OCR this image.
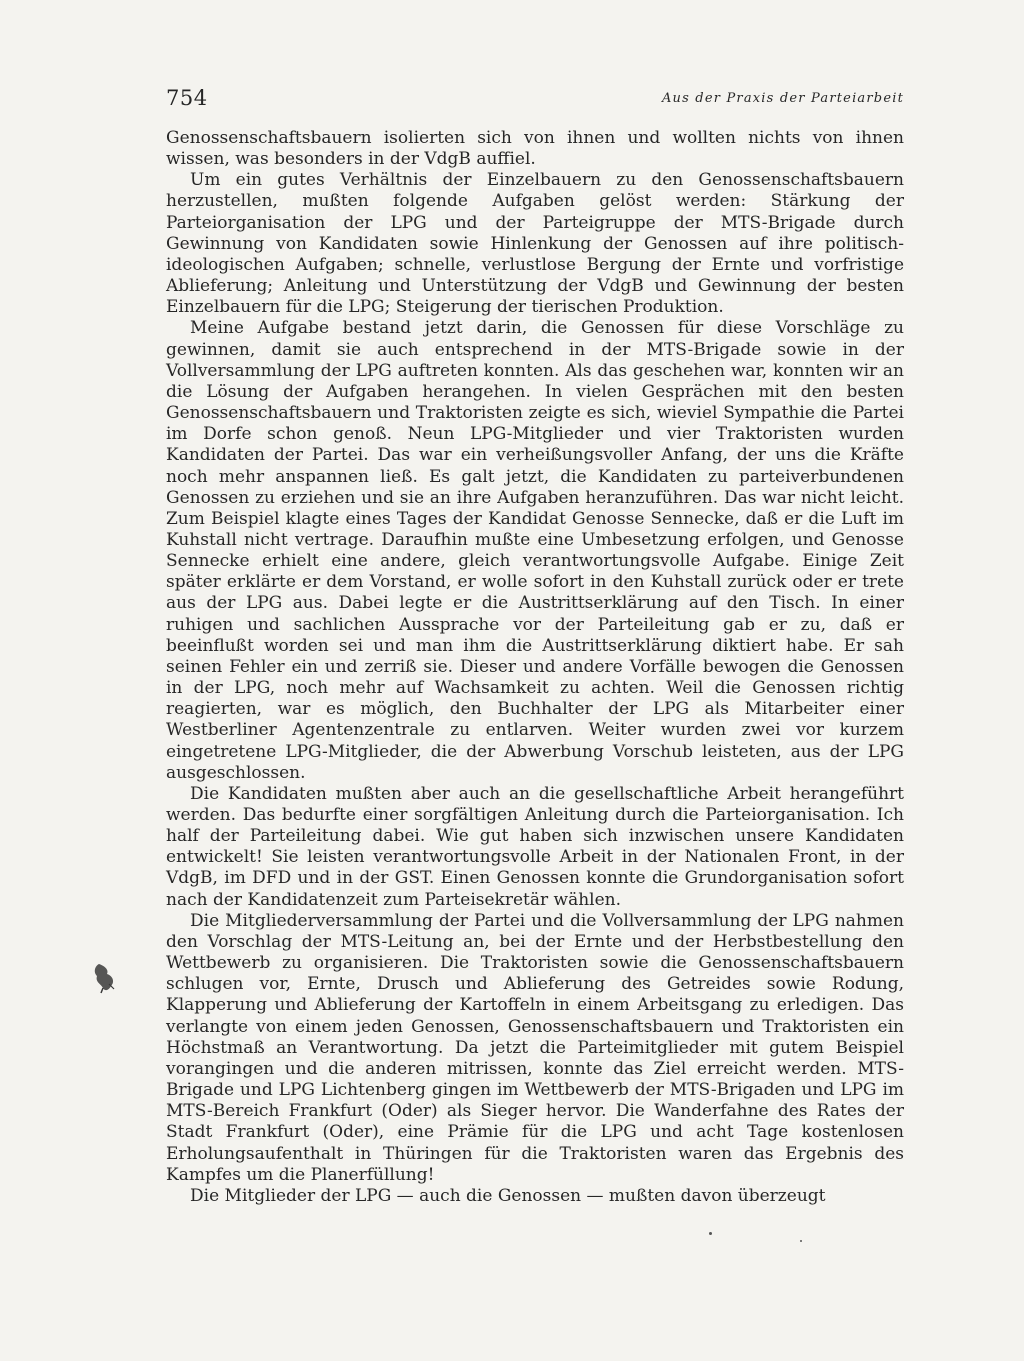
754	Aus der Praxis der Parteiarbeit

Genossenschaftsbauern isolierten sich von ihnen und wollten nichts von ihnen wissen, was besonders in der VdgB auffiel.

Um ein gutes Verhältnis der Einzelbauern zu den Genossenschaftsbauern herzustellen, mußten folgende Aufgaben gelöst werden: Stärkung der Parteiorganisation der LPG und der Parteigruppe der MTS-Brigade durch Gewinnung von Kandidaten sowie Hinlenkung der Genossen auf ihre politisch-ideologischen Aufgaben; schnelle, verlustlose Bergung der Ernte und vorfristige Ablieferung; Anleitung und Unterstützung der VdgB und Gewinnung der besten Einzelbauern für die LPG; Steigerung der tierischen Produktion.

Meine Aufgabe bestand jetzt darin, die Genossen für diese Vorschläge zu gewinnen, damit sie auch entsprechend in der MTS-Brigade sowie in der Vollversammlung der LPG auftreten konnten. Als das geschehen war, konnten wir an die Lösung der Aufgaben herangehen. In vielen Gesprächen mit den besten Genossenschaftsbauern und Traktoristen zeigte es sich, wieviel Sympathie die Partei im Dorfe schon genoß. Neun LPG-Mitglieder und vier Traktoristen wurden Kandidaten der Partei. Das war ein verheißungsvoller Anfang, der uns die Kräfte noch mehr anspannen ließ. Es galt jetzt, die Kandidaten zu parteiverbundenen Genossen zu erziehen und sie an ihre Aufgaben heranzuführen. Das war nicht leicht. Zum Beispiel klagte eines Tages der Kandidat Genosse Sennecke, daß er die Luft im Kuhstall nicht vertrage. Daraufhin mußte eine Umbesetzung erfolgen, und Genosse Sennecke erhielt eine andere, gleich verantwortungsvolle Aufgabe. Einige Zeit später erklärte er dem Vorstand, er wolle sofort in den Kuhstall zurück oder er trete aus der LPG aus. Dabei legte er die Austrittserklärung auf den Tisch. In einer ruhigen und sachlichen Aussprache vor der Parteileitung gab er zu, daß er beeinflußt worden sei und man ihm die Austrittserklärung diktiert habe. Er sah seinen Fehler ein und zerriß sie. Dieser und andere Vorfälle bewogen die Genossen in der LPG, noch mehr auf Wachsamkeit zu achten. Weil die Genossen richtig reagierten, war es möglich, den Buchhalter der LPG als Mitarbeiter einer Westberliner Agentenzentrale zu entlarven. Weiter wurden zwei vor kurzem eingetretene LPG-Mitglieder, die der Abwerbung Vorschub leisteten, aus der LPG ausgeschlossen.

Die Kandidaten mußten aber auch an die gesellschaftliche Arbeit herangeführt werden. Das bedurfte einer sorgfältigen Anleitung durch die Parteiorganisation. Ich half der Parteileitung dabei. Wie gut haben sich inzwischen unsere Kandidaten entwickelt! Sie leisten verantwortungsvolle Arbeit in der Nationalen Front, in der VdgB, im DFD und in der GST. Einen Genossen konnte die Grundorganisation sofort nach der Kandidatenzeit zum Parteisekretär wählen.

Die Mitgliederversammlung der Partei und die Vollversammlung der LPG nahmen den Vorschlag der MTS-Leitung an, bei der Ernte und der Herbstbestellung den Wettbewerb zu organisieren. Die Traktoristen sowie die Genossenschaftsbauern schlugen vor, Ernte, Drusch und Ablieferung des Getreides sowie Rodung, Klapperung und Ablieferung der Kartoffeln in einem Arbeitsgang zu erledigen. Das verlangte von einem jeden Genossen, Genossenschaftsbauern und Traktoristen ein Höchstmaß an Verantwortung. Da jetzt die Parteimitglieder mit gutem Beispiel vorangingen und die anderen mitrissen, konnte das Ziel erreicht werden. MTS-Brigade und LPG Lichtenberg gingen im Wettbewerb der MTS-Brigaden und LPG im MTS-Bereich Frankfurt (Oder) als Sieger hervor. Die Wanderfahne des Rates der Stadt Frankfurt (Oder), eine Prämie für die LPG und acht Tage kostenlosen Erholungsaufenthalt in Thüringen für die Traktoristen waren das Ergebnis des Kampfes um die Planerfüllung!

Die Mitglieder der LPG — auch die Genossen — mußten davon überzeugt
